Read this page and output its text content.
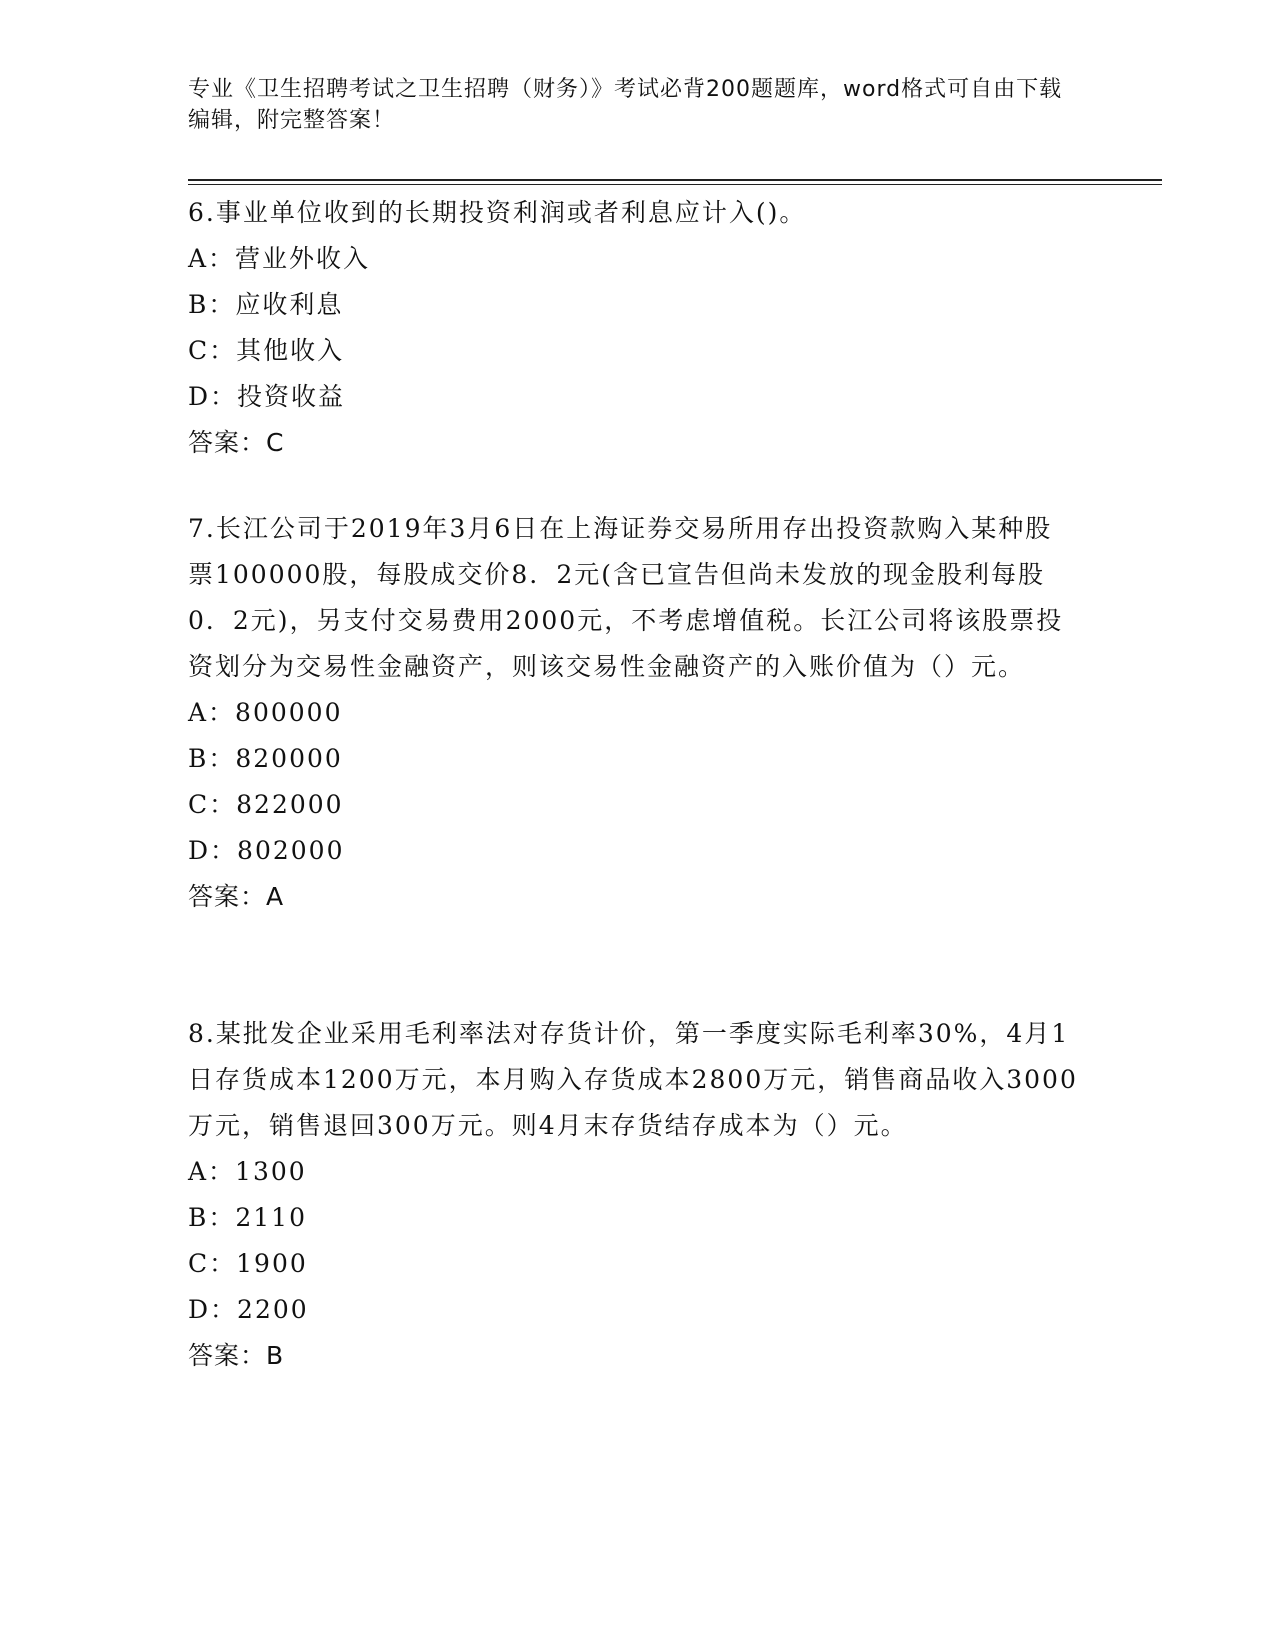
专业《卫生招聘考试之卫生招聘（财务）》考试必背200题题库，word格式可自由下载编辑，附完整答案！

6.事业单位收到的长期投资利润或者利息应计入()。

A：营业外收入

B：应收利息

C：其他收入

D：投资收益

答案：C

7.长江公司于2019年3月6日在上海证券交易所用存出投资款购入某种股票100000股，每股成交价8．2元(含已宣告但尚未发放的现金股利每股0．2元)，另支付交易费用2000元，不考虑增值税。长江公司将该股票投资划分为交易性金融资产，则该交易性金融资产的入账价值为（）元。

A：800000

B：820000

C：822000

D：802000

答案：A

8.某批发企业采用毛利率法对存货计价，第一季度实际毛利率30%，4月1日存货成本1200万元，本月购入存货成本2800万元，销售商品收入3000万元，销售退回300万元。则4月末存货结存成本为（）元。

A：1300

B：2110

C：1900

D：2200

答案：B
